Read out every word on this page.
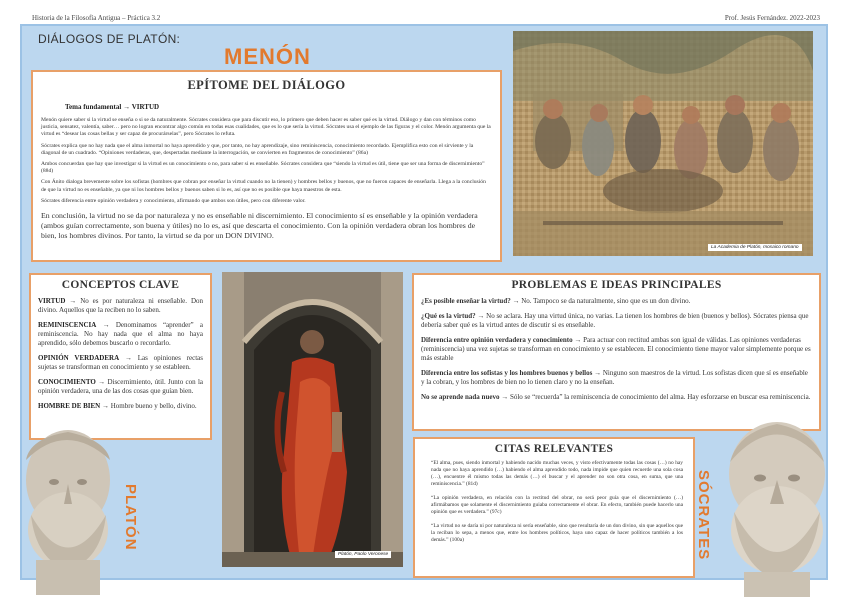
Historia de la Filosofía Antigua – Práctica 3.2	Prof. Jesús Fernández. 2022-2023
DIÁLOGOS DE PLATÓN:
MENÓN
EPÍTOME DEL DIÁLOGO
Tema fundamental → VIRTUD

Menón quiere saber si la virtud se enseña o si se da naturalmente. Sócrates considera que para discutir eso, lo primero que deben hacer es saber qué es la virtud. Diálogo y dan con términos como justicia, sensatez, valentía, saber… pero no logran encontrar algo común en todas esas cualidades, que es lo que sería la virtud. Sócrates usa el ejemplo de las figuras y el color. Menón argumenta que la virtud es “desear las cosas bellas y ser capaz de procurárselas”, pero Sócrates lo refuta.

Sócrates explica que no hay nada que el alma inmortal no haya aprendido y que, por tanto, no hay aprendizaje, sino reminiscencia, conocimiento recordado. Ejemplifica esto con el sirviente y la diagonal de un cuadrado. “Opiniones verdaderas, que, despertadas mediante la interrogación, se convierten en fragmentos de conocimiento” (86a)

Ambos concuerdan que hay que investigar si la virtud es un conocimiento o no, para saber si es enseñable. Sócrates considera que “siendo la virtud es útil, tiene que ser una forma de discernimiento” (88d)

Con Ánito dialoga brevemente sobre los sofistas (hombres que cobran por enseñar la virtud cuando no la tienen) y hombres bellos y buenos, que no fueron capaces de enseñarla. Llega a la conclusión de que la virtud no es enseñable, ya que ni los hombres bellos y buenos saben si lo es, así que no es posible que haya maestros de esta.

Sócrates diferencia entre opinión verdadera y conocimiento, afirmando que ambos son útiles, pero con diferente valor.

En conclusión, la virtud no se da por naturaleza y no es enseñable ni discernimiento. El conocimiento sí es enseñable y la opinión verdadera (ambos guían correctamente, son buena y útiles) no lo es, así que descarta el conocimiento. Con la opinión verdadera obran los hombres de bien, los hombres divinos. Por tanto, la virtud se da por un DON DIVINO.

La Academia de Platón, mosaico romano
CONCEPTOS CLAVE
VIRTUD → No es por naturaleza ni enseñable. Don divino. Aquellos que la reciben no lo saben.
REMINISCENCIA → Denominamos “aprender” a reminiscencia. No hay nada que el alma no haya aprendido, sólo debemos buscarlo o recordarlo.
OPINIÓN VERDADERA → Las opiniones rectas sujetas se transforman en conocimiento y se estableen.
CONOCIMIENTO → Discernimiento, útil. Junto con la opinión verdadera, una de las dos cosas que guían bien.
HOMBRE DE BIEN → Hombre bueno y bello, divino.
Platón, Paolo Veronese
PROBLEMAS E IDEAS PRINCIPALES
¿Es posible enseñar la virtud? → No. Tampoco se da naturalmente, sino que es un don divino.
¿Qué es la virtud? → No se aclara. Hay una virtud única, no varias. La tienen los hombres de bien (buenos y bellos). Sócrates piensa que debería saber qué es la virtud antes de discutir si es enseñable.
Diferencia entre opinión verdadera y conocimiento → Para actuar con rectitud ambas son igual de válidas. Las opiniones verdaderas (reminiscencia) una vez sujetas se transforman en conocimiento y se establecen. El conocimiento tiene mayor valor simplemente porque es más estable
Diferencia entre los sofistas y los hombres buenos y bellos → Ninguno son maestros de la virtud. Los sofistas dicen que sí es enseñable y la cobran, y los hombres de bien no lo tienen claro y no la enseñan.
No se aprende nada nuevo → Sólo se “recuerda” la reminiscencia de conocimiento del alma. Hay esforzarse en buscar esa reminiscencia.
CITAS RELEVANTES

“El alma, pues, siendo inmortal y habiendo nacido muchas veces, y visto efectivamente todas las cosas (…) no hay nada que no haya aprendido (…) habiendo el alma aprendido todo, nada impide que quien recuerde una sola cosa (…), encuentre él mismo todas las demás (…) el buscar y el aprender no son otra cosa, en suma, que una reminiscencia.” (81d)

“La opinión verdadera, en relación con la rectitud del obrar, no será peor guía que el discernimiento (…) afirmábamos que solamente el discernimiento guiaba correctamente el obrar. En efecto, también puede hacerlo una opinión que es verdadera.” (97c)

“La virtud no se daría ni por naturaleza ni sería enseñable, sino que resultaría de un don divino, sin que aquellos que la reciban lo sepa, a menos que, entre los hombres políticos, haya uno capaz de hacer políticos también a los demás.” (100a)

PLATÓN	SÓCRATES
